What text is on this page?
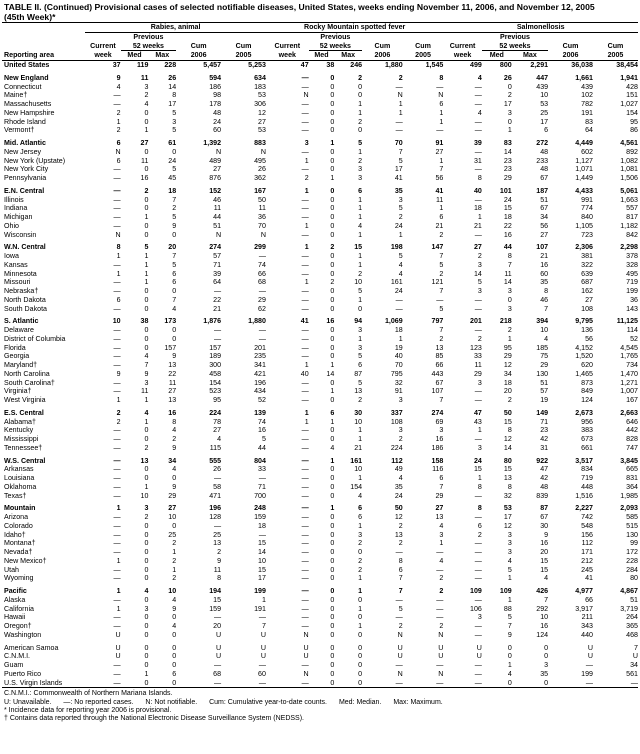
TABLE II. (Continued) Provisional cases of selected notifiable diseases, United States, weeks ending November 11, 2006, and November 12, 2005
(45th Week)*
	Rabies, animal					Rocky Mountain spotted fever					Salmonellosis				
		Previous					Previous					Previous			
	Current	52 weeks		Cum	Cum	Current	52 weeks		Cum	Cum	Current	52 weeks		Cum	Cum
Reporting area	week	Med	Max	2006	2005	week	Med	Max	2006	2005	week	Med	Max	2006	2005
United States	37	119	228	5,457	5,253	47	38	246	1,880	1,545	499	800	2,291	36,038	38,454

New England	9	11	26	594	634	—	0	2	2	8	4	26	447	1,661	1,941
Connecticut	4	3	14	186	183	—	0	0	—	—	—	0	439	439	428
Maine†	—	2	8	98	53	N	0	0	N	N	—	2	10	102	151
Massachusetts	—	4	17	178	306	—	0	1	1	6	—	17	53	782	1,027
New Hampshire	2	0	5	48	12	—	0	1	1	1	4	3	25	191	154
Rhode Island	1	0	3	24	27	—	0	2	—	1	—	0	17	83	95
Vermont†	2	1	5	60	53	—	0	0	—	—	—	1	6	64	86

Mid. Atlantic	6	27	61	1,392	883	3	1	5	70	91	39	83	272	4,449	4,561
New Jersey	N	0	0	N	N	—	0	1	7	27	—	14	48	602	892
New York (Upstate)	6	11	24	489	495	1	0	2	5	1	31	23	233	1,127	1,082
New York City	—	0	5	27	26	—	0	3	17	7	—	23	48	1,071	1,081
Pennsylvania	—	16	45	876	362	2	1	3	41	56	8	29	67	1,449	1,506

E.N. Central	—	2	18	152	167	1	0	6	35	41	40	101	187	4,433	5,061
Illinois	—	0	7	46	50	—	0	1	3	11	—	24	51	991	1,663
Indiana	—	0	2	11	11	—	0	1	5	1	18	15	67	774	557
Michigan	—	1	5	44	36	—	0	1	2	6	1	18	34	840	817
Ohio	—	0	9	51	70	1	0	4	24	21	21	22	56	1,105	1,182
Wisconsin	N	0	0	N	N	—	0	1	1	2	—	16	27	723	842

W.N. Central	8	5	20	274	299	1	2	15	198	147	27	44	107	2,306	2,298
Iowa	1	1	7	57	—	—	0	1	5	7	2	8	21	381	378
Kansas	—	1	5	71	74	—	0	1	4	5	3	7	16	322	328
Minnesota	1	1	6	39	66	—	0	2	4	2	14	11	60	639	495
Missouri	—	1	6	64	68	1	2	10	161	121	5	14	35	687	719
Nebraska†	—	0	0	—	—	—	0	5	24	7	3	3	8	162	199
North Dakota	6	0	7	22	29	—	0	1	—	—	—	0	46	27	36
South Dakota	—	0	4	21	62	—	0	0	—	5	—	3	7	108	143

S. Atlantic	10	38	173	1,876	1,880	41	16	94	1,069	797	201	218	394	9,795	11,125
Delaware	—	0	0	—	—	—	0	3	18	7	—	2	10	136	114
District of Columbia	—	0	0	—	—	—	0	1	1	2	2	1	4	56	52
Florida	—	0	157	157	201	—	0	3	19	13	123	95	185	4,152	4,545
Georgia	—	4	9	189	235	—	0	5	40	85	33	29	75	1,520	1,765
Maryland†	—	7	13	300	341	1	1	6	70	66	11	12	29	620	734
North Carolina	9	9	22	458	421	40	14	87	795	443	29	34	130	1,465	1,470
South Carolina†	—	3	11	154	196	—	0	5	32	67	3	18	51	873	1,271
Virginia†	—	11	27	523	434	—	1	13	91	107	—	20	57	849	1,007
West Virginia	1	1	13	95	52	—	0	2	3	7	—	2	19	124	167

E.S. Central	2	4	16	224	139	1	6	30	337	274	47	50	149	2,673	2,663
Alabama†	2	1	8	78	74	1	1	10	108	69	43	15	71	956	646
Kentucky	—	0	4	27	16	—	0	1	3	3	1	8	23	383	442
Mississippi	—	0	2	4	5	—	0	1	2	16	—	12	42	673	828
Tennessee†	—	2	9	115	44	—	4	21	224	186	3	14	31	661	747

W.S. Central	—	13	34	555	804	—	1	161	112	158	24	80	922	3,517	3,845
Arkansas	—	0	4	26	33	—	0	10	49	116	15	15	47	834	665
Louisiana	—	0	0	—	—	—	0	1	4	6	1	13	42	719	831
Oklahoma	—	1	9	58	71	—	0	154	35	7	8	8	48	448	364
Texas†	—	10	29	471	700	—	0	4	24	29	—	32	839	1,516	1,985

Mountain	1	3	27	196	248	—	1	6	50	27	8	53	87	2,227	2,093
Arizona	—	2	10	128	159	—	0	6	12	13	—	17	67	742	585
Colorado	—	0	0	—	18	—	0	1	2	4	6	12	30	548	515
Idaho†	—	0	25	25	—	—	0	3	13	3	2	3	9	156	130
Montana†	—	0	2	13	15	—	0	2	2	1	—	3	16	112	99
Nevada†	—	0	1	2	14	—	0	0	—	—	—	3	20	171	172
New Mexico†	1	0	2	9	10	—	0	2	8	4	—	4	15	212	228
Utah	—	0	1	11	15	—	0	2	6	—	—	5	15	245	284
Wyoming	—	0	2	8	17	—	0	1	7	2	—	1	4	41	80

Pacific	1	4	10	194	199	—	0	1	7	2	109	109	426	4,977	4,867
Alaska	—	0	4	15	1	—	0	0	—	—	—	1	7	66	51
California	1	3	9	159	191	—	0	1	5	—	106	88	292	3,917	3,719
Hawaii	—	0	0	—	—	—	0	0	—	—	3	5	10	211	264
Oregon†	—	0	4	20	7	—	0	1	2	2	—	7	16	343	365
Washington	U	0	0	U	U	N	0	0	N	N	—	9	124	440	468

American Samoa	U	0	0	U	U	U	0	0	U	U	U	0	0	U	7
C.N.M.I.	U	0	0	U	U	U	0	0	U	U	U	0	0	U	U
Guam	—	0	0	—	—	—	0	0	—	—	—	1	3	—	34
Puerto Rico	—	1	6	68	60	N	0	0	N	N	—	4	35	199	561
U.S. Virgin Islands	—	0	0	—	—	—	0	0	—	—	—	0	0	—	—
C.N.M.I.: Commonwealth of Northern Mariana Islands.
U: Unavailable. —: No reported cases. N: Not notifiable. Cum: Cumulative year-to-date counts. Med: Median. Max: Maximum.
* Incidence data for reporting year 2006 is provisional.
† Contains data reported through the National Electronic Disease Surveillance System (NEDSS).
